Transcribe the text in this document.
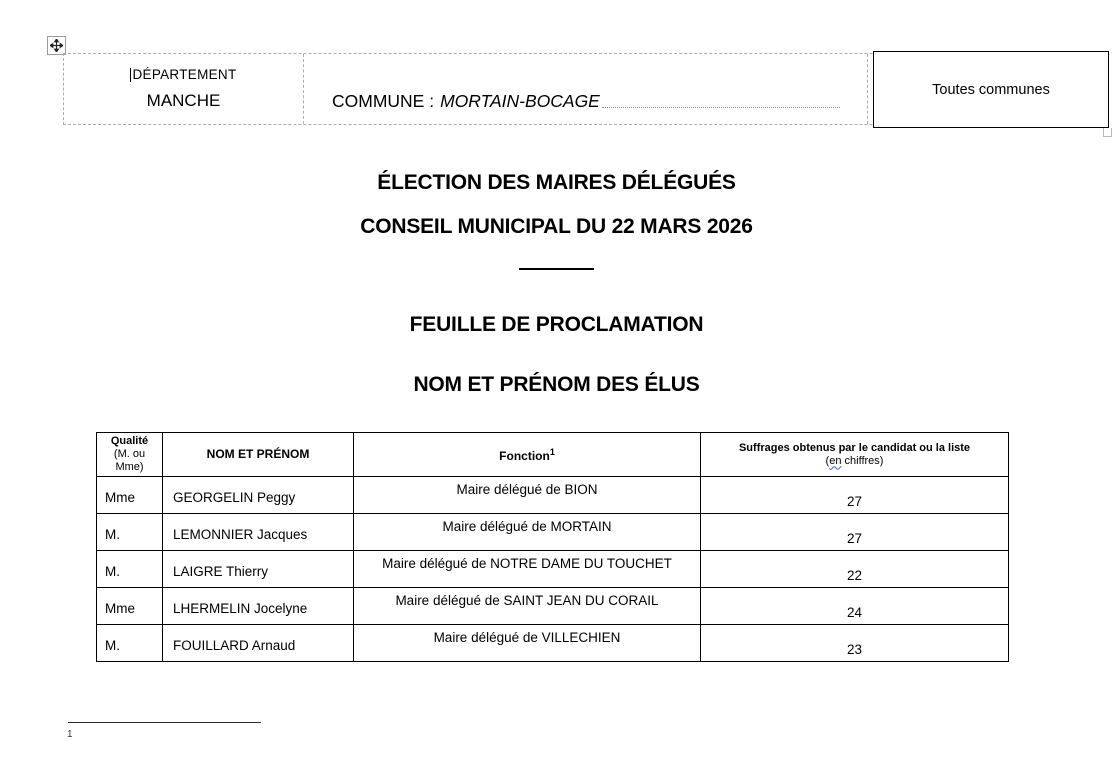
DÉPARTEMENT
MANCHE	COMMUNE : MORTAIN-BOCAGE
Toutes communes
ÉLECTION DES MAIRES DÉLÉGUÉS
CONSEIL MUNICIPAL DU 22 MARS 2026
FEUILLE DE PROCLAMATION
NOM ET PRÉNOM DES ÉLUS
Qualité
(M. ou
Mme)	NOM ET PRÉNOM	Fonction$^1$	Suffrages obtenus par le candidat ou la liste
(en chiffres)
Mme	GEORGELIN Peggy	Maire délégué de BION	27
M.	LEMONNIER Jacques	Maire délégué de MORTAIN	27
M.	LAIGRE Thierry	Maire délégué de NOTRE DAME DU TOUCHET	22
Mme	LHERMELIN Jocelyne	Maire délégué de SAINT JEAN DU CORAIL	24
M.	FOUILLARD Arnaud	Maire délégué de VILLECHIEN	23
1
